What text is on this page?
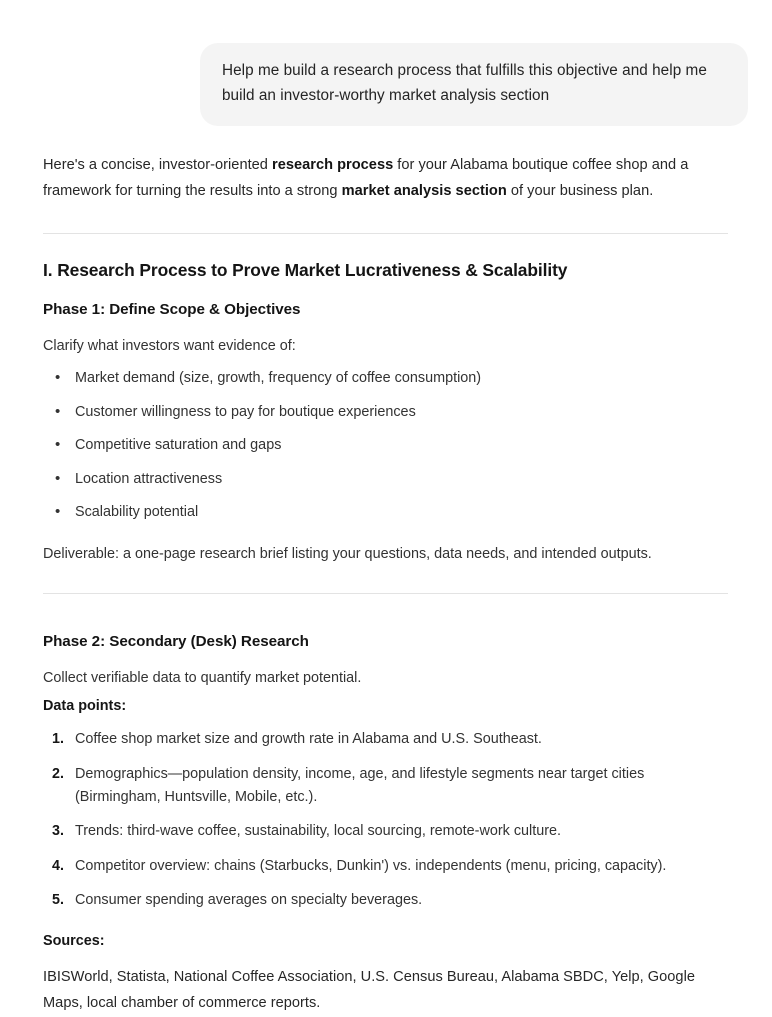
Help me build a research process that fulfills this objective and help me build an investor-worthy market analysis section

Here's a concise, investor-oriented research process for your Alabama boutique coffee shop and a framework for turning the results into a strong market analysis section of your business plan.

I. Research Process to Prove Market Lucrativeness & Scalability
Phase 1: Define Scope & Objectives

Clarify what investors want evidence of:

• Market demand (size, growth, frequency of coffee consumption)
• Customer willingness to pay for boutique experiences
• Competitive saturation and gaps
• Location attractiveness
• Scalability potential

Deliverable: a one-page research brief listing your questions, data needs, and intended outputs.

Phase 2: Secondary (Desk) Research

Collect verifiable data to quantify market potential.

Data points:

Coffee shop market size and growth rate in Alabama and U.S. Southeast.
Demographics—population density, income, age, and lifestyle segments near target cities (Birmingham, Huntsville, Mobile, etc.).
Trends: third-wave coffee, sustainability, local sourcing, remote-work culture.
Competitor overview: chains (Starbucks, Dunkin') vs. independents (menu, pricing, capacity).
Consumer spending averages on specialty beverages.

Sources:

IBISWorld, Statista, National Coffee Association, U.S. Census Bureau, Alabama SBDC, Yelp, Google Maps, local chamber of commerce reports.
